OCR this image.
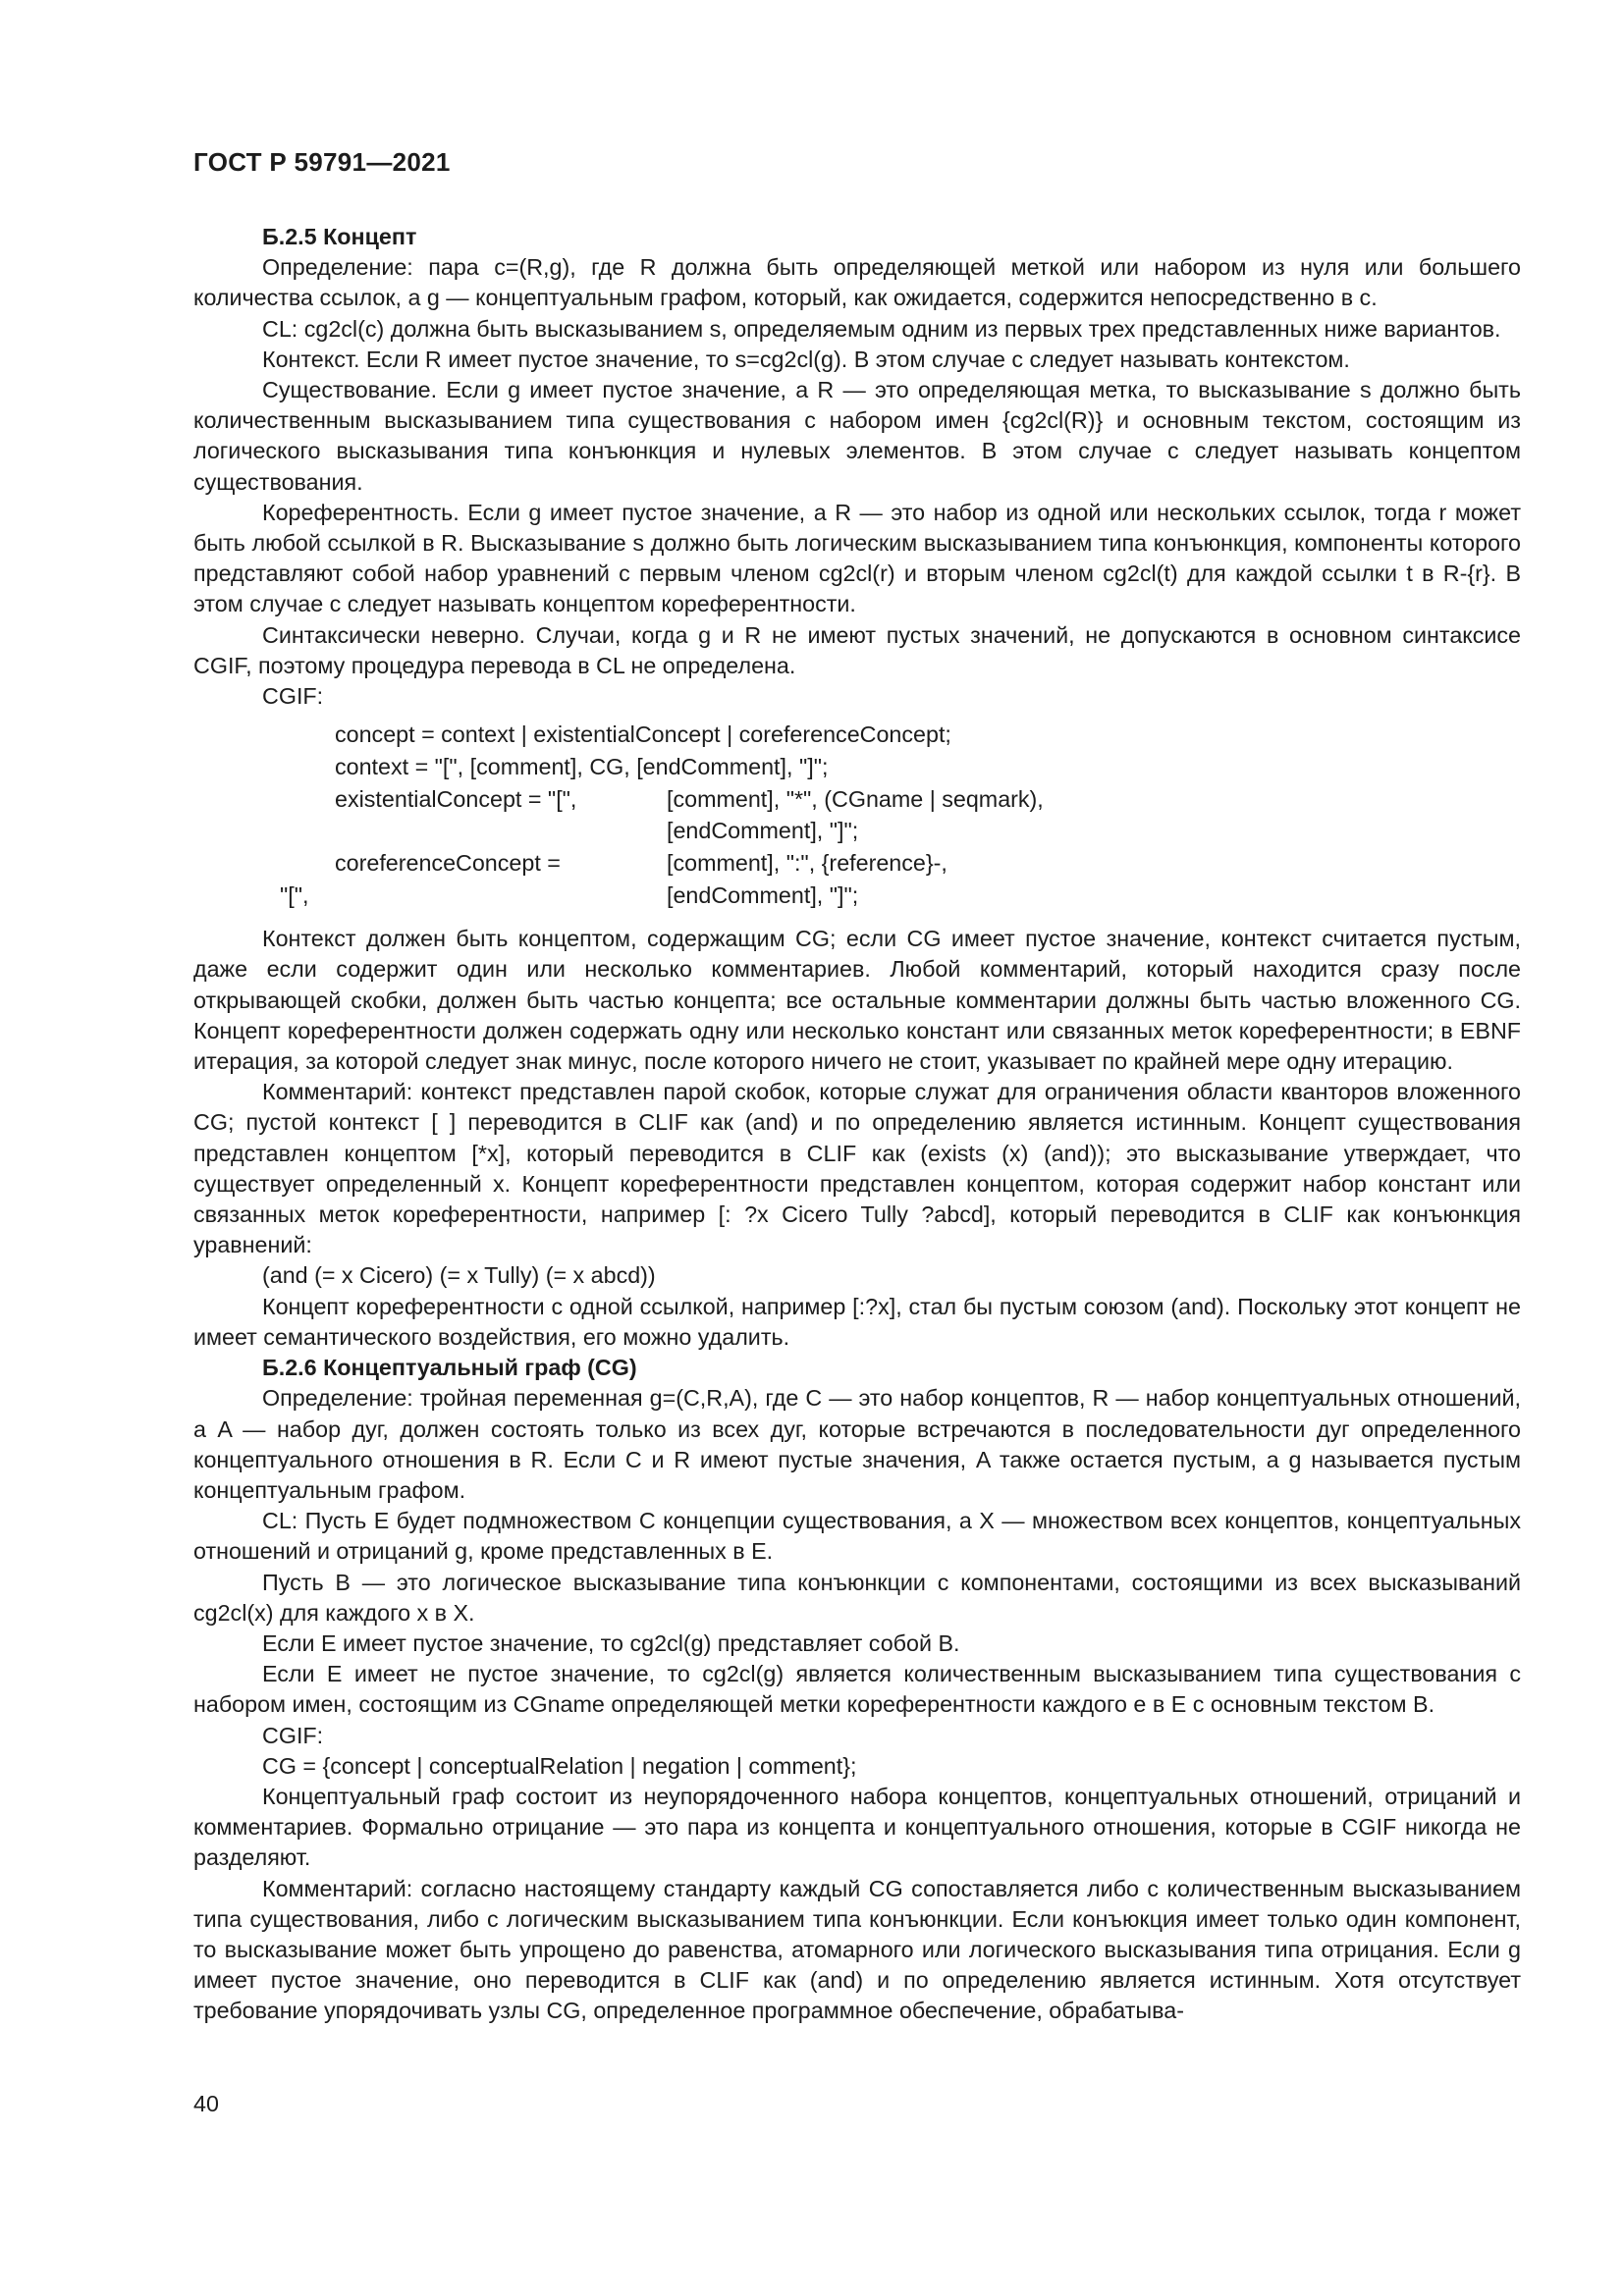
ГОСТ Р 59791—2021
Б.2.5 Концепт

Определение: пара c=(R,g), где R должна быть определяющей меткой или набором из нуля или большего количества ссылок, а g — концептуальным графом, который, как ожидается, содержится непосредственно в c.

CL: cg2cl(c) должна быть высказыванием s, определяемым одним из первых трех представленных ниже вариантов.

Контекст. Если R имеет пустое значение, то s=cg2cl(g). В этом случае c следует называть контекстом.

Существование. Если g имеет пустое значение, а R — это определяющая метка, то высказывание s должно быть количественным высказыванием типа существования с набором имен {cg2cl(R)} и основным текстом, состоящим из логического высказывания типа конъюнкция и нулевых элементов. В этом случае c следует называть концептом существования.

Кореферентность. Если g имеет пустое значение, а R — это набор из одной или нескольких ссылок, тогда r может быть любой ссылкой в R. Высказывание s должно быть логическим высказыванием типа конъюнкция, компоненты которого представляют собой набор уравнений с первым членом cg2cl(r) и вторым членом cg2cl(t) для каждой ссылки t в R-{r}. В этом случае c следует называть концептом кореферентности.

Синтаксически неверно. Случаи, когда g и R не имеют пустых значений, не допускаются в основном синтаксисе CGIF, поэтому процедура перевода в CL не определена.

CGIF:

concept = context | existentialConcept | coreferenceConcept;
context = "[", [comment], CG, [endComment], "]";
existentialConcept = "[",	[comment], "*", (CGname | seqmark),
[endComment], "]";
coreferenceConcept =	[comment], ":", {reference}-,
"[",	[endComment], "]";

Контекст должен быть концептом, содержащим CG; если CG имеет пустое значение, контекст считается пустым, даже если содержит один или несколько комментариев. Любой комментарий, который находится сразу после открывающей скобки, должен быть частью концепта; все остальные комментарии должны быть частью вложенного CG. Концепт кореферентности должен содержать одну или несколько констант или связанных меток кореферентности; в EBNF итерация, за которой следует знак минус, после которого ничего не стоит, указывает по крайней мере одну итерацию.

Комментарий: контекст представлен парой скобок, которые служат для ограничения области кванторов вложенного CG; пустой контекст [ ] переводится в CLIF как (and) и по определению является истинным. Концепт существования представлен концептом [*x], который переводится в CLIF как (exists (x) (and)); это высказывание утверждает, что существует определенный x. Концепт кореферентности представлен концептом, которая содержит набор констант или связанных меток кореферентности, например [: ?x Cicero Tully ?abcd], который переводится в CLIF как конъюнкция уравнений:

(and (= x Cicero) (= x Tully) (= x abcd))

Концепт кореферентности с одной ссылкой, например [:?x], стал бы пустым союзом (and). Поскольку этот концепт не имеет семантического воздействия, его можно удалить.

Б.2.6 Концептуальный граф (CG)

Определение: тройная переменная g=(C,R,A), где C — это набор концептов, R — набор концептуальных отношений, а A — набор дуг, должен состоять только из всех дуг, которые встречаются в последовательности дуг определенного концептуального отношения в R. Если C и R имеют пустые значения, A также остается пустым, а g называется пустым концептуальным графом.

CL: Пусть E будет подмножеством C концепции существования, а X — множеством всех концептов, концептуальных отношений и отрицаний g, кроме представленных в E.

Пусть B — это логическое высказывание типа конъюнкции с компонентами, состоящими из всех высказываний cg2cl(x) для каждого x в X.

Если E имеет пустое значение, то cg2cl(g) представляет собой B.

Если E имеет не пустое значение, то cg2cl(g) является количественным высказыванием типа существования с набором имен, состоящим из CGname определяющей метки кореферентности каждого e в E с основным текстом B.

CGIF:

CG = {concept | conceptualRelation | negation | comment};

Концептуальный граф состоит из неупорядоченного набора концептов, концептуальных отношений, отрицаний и комментариев. Формально отрицание — это пара из концепта и концептуального отношения, которые в CGIF никогда не разделяют.

Комментарий: согласно настоящему стандарту каждый CG сопоставляется либо с количественным высказыванием типа существования, либо с логическим высказыванием типа конъюнкции. Если конъюкция имеет только один компонент, то высказывание может быть упрощено до равенства, атомарного или логического высказывания типа отрицания. Если g имеет пустое значение, оно переводится в CLIF как (and) и по определению является истинным. Хотя отсутствует требование упорядочивать узлы CG, определенное программное обеспечение, обрабатыва-

40
